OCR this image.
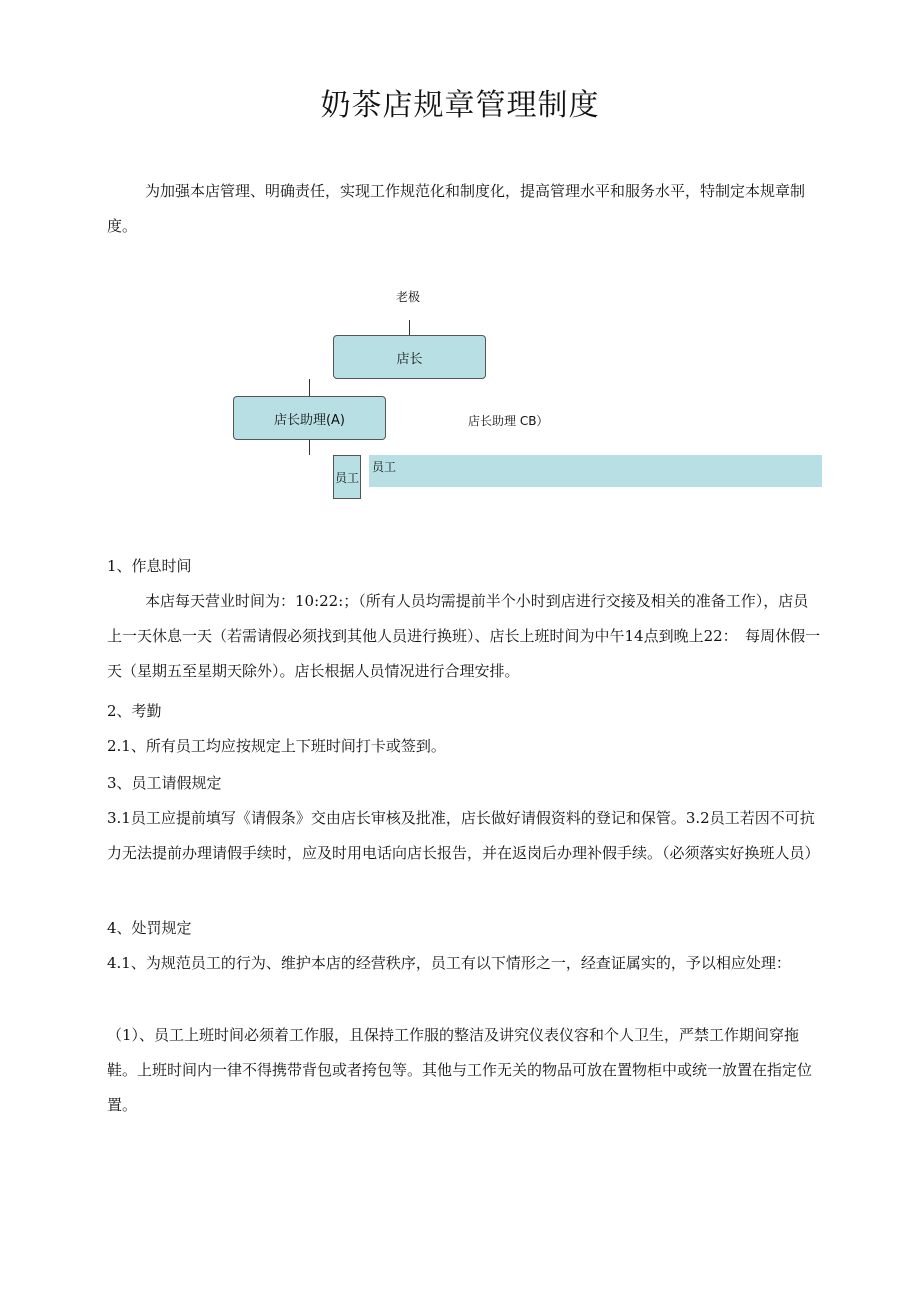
奶茶店规章管理制度
为加强本店管理、明确责任，实现工作规范化和制度化，提高管理水平和服务水平，特制定本规章制度。
老极
店长
店长助理(A)	店长助理 CB）
员工
员工
1、作息时间
本店每天营业时间为：10:22:；（所有人员均需提前半个小时到店进行交接及相关的准备工作），店员上一天休息一天（若需请假必须找到其他人员进行换班）、店长上班时间为中午14点到晚上22：　每周休假一天（星期五至星期天除外）。店长根据人员情况进行合理安排。
2、考勤
2.1、所有员工均应按规定上下班时间打卡或签到。
3、员工请假规定
3.1员工应提前填写《请假条》交由店长审核及批准，店长做好请假资料的登记和保管。3.2员工若因不可抗力无法提前办理请假手续时，应及时用电话向店长报告，并在返岗后办理补假手续。（必须落实好换班人员）
4、处罚规定
4.1、为规范员工的行为、维护本店的经营秩序，员工有以下情形之一，经查证属实的，予以相应处理：
（1）、员工上班时间必须着工作服，且保持工作服的整洁及讲究仪表仪容和个人卫生，严禁工作期间穿拖鞋。上班时间内一律不得携带背包或者挎包等。其他与工作无关的物品可放在置物柜中或统一放置在指定位置。
